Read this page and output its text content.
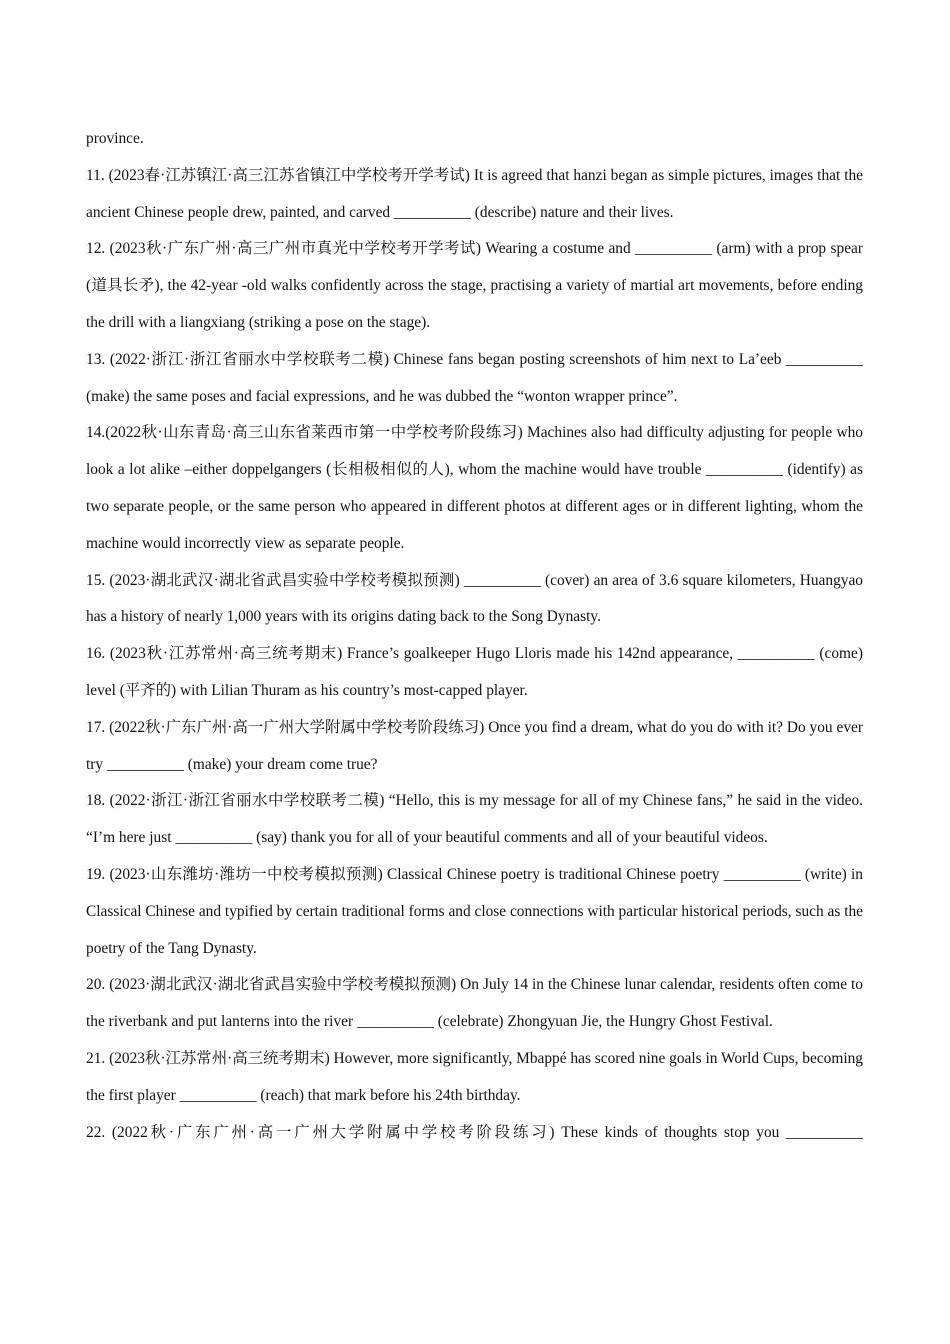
province.

11. (2023春·江苏镇江·高三江苏省镇江中学校考开学考试) It is agreed that hanzi began as simple pictures, images that the ancient Chinese people drew, painted, and carved __________ (describe) nature and their lives.

12. (2023秋·广东广州·高三广州市真光中学校考开学考试) Wearing a costume and __________ (arm) with a prop spear (道具长矛), the 42-year -old walks confidently across the stage, practising a variety of martial art movements, before ending the drill with a liangxiang (striking a pose on the stage).

13. (2022·浙江·浙江省丽水中学校联考二模) Chinese fans began posting screenshots of him next to La’eeb __________ (make) the same poses and facial expressions, and he was dubbed the “wonton wrapper prince”.

14.(2022秋·山东青岛·高三山东省莱西市第一中学校考阶段练习) Machines also had difficulty adjusting for people who look a lot alike –either doppelgangers (长相极相似的人), whom the machine would have trouble __________ (identify) as two separate people, or the same person who appeared in different photos at different ages or in different lighting, whom the machine would incorrectly view as separate people.

15. (2023·湖北武汉·湖北省武昌实验中学校考模拟预测) __________ (cover) an area of 3.6 square kilometers, Huangyao has a history of nearly 1,000 years with its origins dating back to the Song Dynasty.

16. (2023秋·江苏常州·高三统考期末) France’s goalkeeper Hugo Lloris made his 142nd appearance, __________ (come) level (平齐的) with Lilian Thuram as his country’s most-capped player.

17. (2022秋·广东广州·高一广州大学附属中学校考阶段练习) Once you find a dream, what do you do with it? Do you ever try __________ (make) your dream come true?

18. (2022·浙江·浙江省丽水中学校联考二模) “Hello, this is my message for all of my Chinese fans,” he said in the video. “I’m here just __________ (say) thank you for all of your beautiful comments and all of your beautiful videos.

19. (2023·山东潍坊·潍坊一中校考模拟预测) Classical Chinese poetry is traditional Chinese poetry __________ (write) in Classical Chinese and typified by certain traditional forms and close connections with particular historical periods, such as the poetry of the Tang Dynasty.

20. (2023·湖北武汉·湖北省武昌实验中学校考模拟预测) On July 14 in the Chinese lunar calendar, residents often come to the riverbank and put lanterns into the river __________ (celebrate) Zhongyuan Jie, the Hungry Ghost Festival.

21. (2023秋·江苏常州·高三统考期末) However, more significantly, Mbappé has scored nine goals in World Cups, becoming the first player __________ (reach) that mark before his 24th birthday.

22. (2022秋·广东广州·高一广州大学附属中学校考阶段练习) These kinds of thoughts stop you __________
